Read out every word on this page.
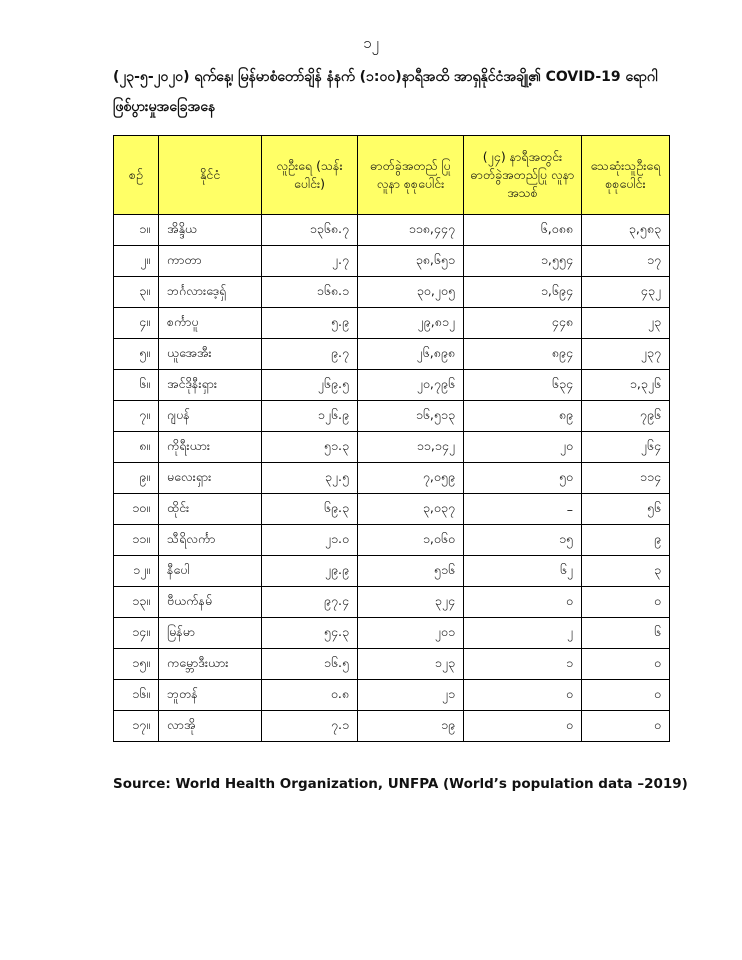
၁၂
(၂၃-၅-၂၀၂၀) ရက်နေ့၊ မြန်မာစံတော်ချိန် နံနက် (၁:၀၀)နာရီအထိ အာရှနိုင်ငံအချို့၏ COVID-19 ရောဂါ ဖြစ်ပွားမှုအခြေအနေ
စဉ်	နိုင်ငံ	လူဦးရေ (သန်းပေါင်း)	ဓာတ်ခွဲအတည် ပြု လူနာ စုစုပေါင်း	(၂၄) နာရီအတွင်း ဓာတ်ခွဲအတည်ပြု လူနာ အသစ်	သေဆုံးသူဦးရေ စုစုပေါင်း
၁။	အိန္ဒိယ	၁၃၆၈.၇	၁၁၈,၄၄၇	၆,၀၈၈	၃,၅၈၃
၂။	ကာတာ	၂.၇	၃၈,၆၅၁	၁,၅၅၄	၁၇
၃။	ဘင်္ဂလားဒေ့ရှ်	၁၆၈.၁	၃၀,၂၀၅	၁,၆၉၄	၄၃၂
၄။	စင်္ကာပူ	၅.၉	၂၉,၈၁၂	၄၄၈	၂၃
၅။	ယူအေအီး	၉.၇	၂၆,၈၉၈	၈၉၄	၂၃၇
၆။	အင်ဒိုနီးရှား	၂၆၉.၅	၂၀,၇၉၆	၆၃၄	၁,၃၂၆
၇။	ဂျပန်	၁၂၆.၉	၁၆,၅၁၃	၈၉	၇၉၆
၈။	ကိုရီးယား	၅၁.၃	၁၁,၁၄၂	၂၀	၂၆၄
၉။	မလေးရှား	၃၂.၅	၇,၀၅၉	၅၀	၁၁၄
၁၀။	ထိုင်း	၆၉.၃	၃,၀၃၇	–	၅၆
၁၁။	သီရိလင်္ကာ	၂၁.၀	၁,၀၆၀	၁၅	၉
၁၂။	နီပေါ	၂၉.၉	၅၁၆	၆၂	၃
၁၃။	ဗီယက်နမ်	၉၇.၄	၃၂၄	၀	၀
၁၄။	မြန်မာ	၅၄.၃	၂၀၁	၂	၆
၁၅။	ကမ္ဘောဒီးယား	၁၆.၅	၁၂၃	၁	၀
၁၆။	ဘူတန်	၀.၈	၂၁	၀	၀
၁၇။	လာအို	၇.၁	၁၉	၀	၀
Source: World Health Organization, UNFPA (World’s population data –2019)
